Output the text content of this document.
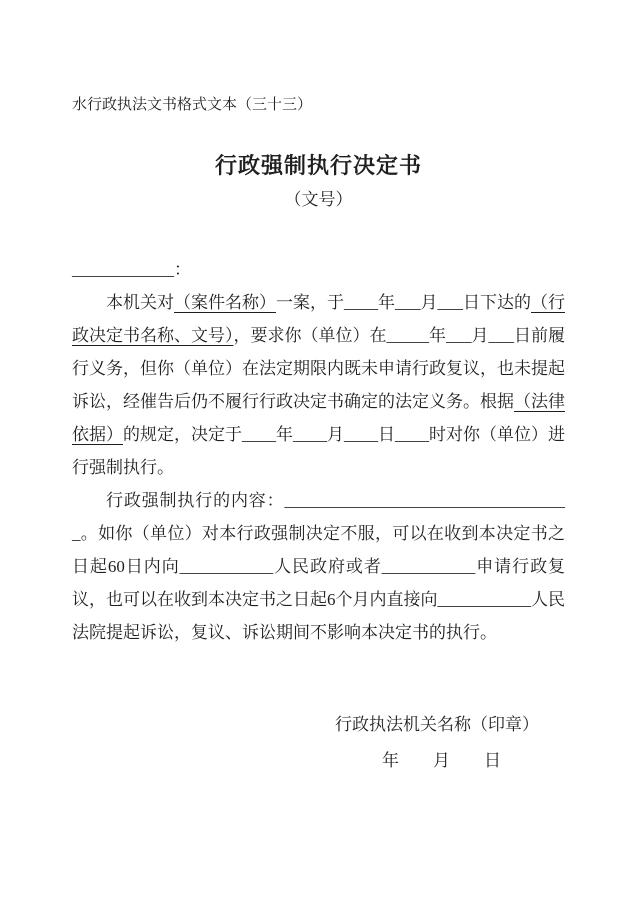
水行政执法文书格式文本（三十三）
行政强制执行决定书
（文号）

____________：

本机关对（案件名称）一案，于____年___月___日下达的（行政决定书名称、文号），要求你（单位）在_____年___月___日前履行义务，但你（单位）在法定期限内既未申请行政复议，也未提起诉讼，经催告后仍不履行行政决定书确定的法定义务。根据（法律依据）的规定，决定于____年____月____日____时对你（单位）进行强制执行。

行政强制执行的内容：__________________________________。如你（单位）对本行政强制决定不服，可以在收到本决定书之日起60日内向___________人民政府或者___________申请行政复议，也可以在收到本决定书之日起6个月内直接向___________人民法院提起诉讼，复议、诉讼期间不影响本决定书的执行。

行政执法机关名称（印章）
年　　月　　日
